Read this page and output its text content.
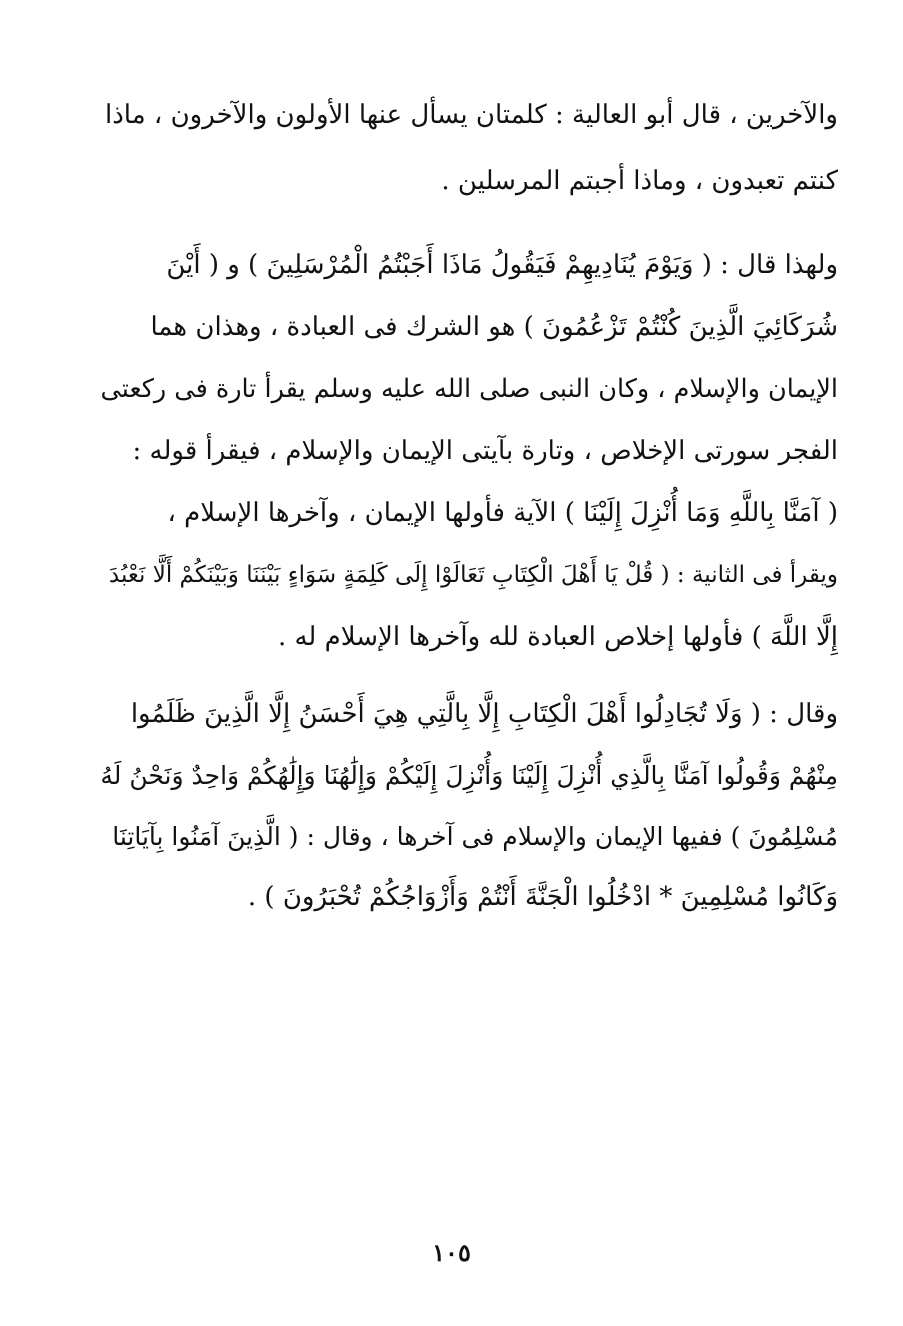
والآخرين ، قال أبو العالية : كلمتان يسأل عنها الأولون والآخرون ، ماذا
كنتم تعبدون ، وماذا أجبتم المرسلين .
ولهذا قال : ( وَيَوْمَ يُنَادِيهِمْ فَيَقُولُ مَاذَا أَجَبْتُمُ الْمُرْسَلِينَ ) و ( أَيْنَ
شُرَكَائِيَ الَّذِينَ كُنْتُمْ تَزْعُمُونَ ) هو الشرك فى العبادة ، وهذان هما
الإيمان والإسلام ، وكان النبى صلى الله عليه وسلم يقرأ تارة فى ركعتى
الفجر سورتى الإخلاص ، وتارة بآيتى الإيمان والإسلام ، فيقرأ قوله :
( آمَنَّا بِاللَّهِ وَمَا أُنْزِلَ إِلَيْنَا ) الآية فأولها الإيمان ، وآخرها الإسلام ،
ويقرأ فى الثانية : ( قُلْ يَا أَهْلَ الْكِتَابِ تَعَالَوْا إِلَى كَلِمَةٍ سَوَاءٍ بَيْنَنَا وَبَيْنَكُمْ أَلَّا نَعْبُدَ
إِلَّا اللَّهَ ) فأولها إخلاص العبادة لله وآخرها الإسلام له .
وقال : ( وَلَا تُجَادِلُوا أَهْلَ الْكِتَابِ إِلَّا بِالَّتِي هِيَ أَحْسَنُ إِلَّا الَّذِينَ ظَلَمُوا
مِنْهُمْ وَقُولُوا آمَنَّا بِالَّذِي أُنْزِلَ إِلَيْنَا وَأُنْزِلَ إِلَيْكُمْ وَإِلَٰهُنَا وَإِلَٰهُكُمْ وَاحِدٌ وَنَحْنُ لَهُ
مُسْلِمُونَ ) ففيها الإيمان والإسلام فى آخرها ، وقال : ( الَّذِينَ آمَنُوا بِآيَاتِنَا
وَكَانُوا مُسْلِمِينَ * ادْخُلُوا الْجَنَّةَ أَنْتُمْ وَأَزْوَاجُكُمْ تُحْبَرُونَ ) .
١٠٥
